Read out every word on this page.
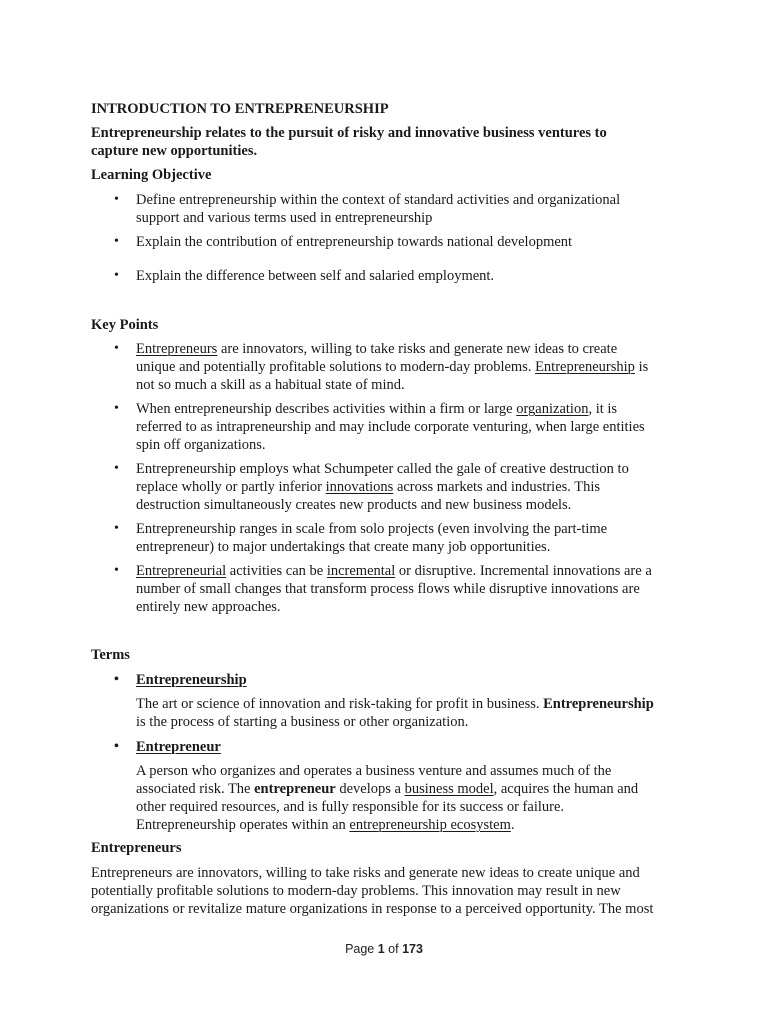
INTRODUCTION TO ENTREPRENEURSHIP
Entrepreneurship relates to the pursuit of risky and innovative business ventures to
capture new opportunities.
Learning Objective
• Define entrepreneurship within the context of standard activities and organizational
support and various terms used in entrepreneurship
• Explain the contribution of entrepreneurship towards national development
• Explain the difference between self and salaried employment.
Key Points
• Entrepreneurs are innovators, willing to take risks and generate new ideas to create
unique and potentially profitable solutions to modern-day problems. Entrepreneurship is
not so much a skill as a habitual state of mind.
• When entrepreneurship describes activities within a firm or large organization, it is
referred to as intrapreneurship and may include corporate venturing, when large entities
spin off organizations.
• Entrepreneurship employs what Schumpeter called the gale of creative destruction to
replace wholly or partly inferior innovations across markets and industries. This
destruction simultaneously creates new products and new business models.
• Entrepreneurship ranges in scale from solo projects (even involving the part-time
entrepreneur) to major undertakings that create many job opportunities.
• Entrepreneurial activities can be incremental or disruptive. Incremental innovations are a
number of small changes that transform process flows while disruptive innovations are
entirely new approaches.
Terms
• Entrepreneurship
The art or science of innovation and risk-taking for profit in business. Entrepreneurship
is the process of starting a business or other organization.
• Entrepreneur
A person who organizes and operates a business venture and assumes much of the
associated risk. The entrepreneur develops a business model, acquires the human and
other required resources, and is fully responsible for its success or failure.
Entrepreneurship operates within an entrepreneurship ecosystem.
Entrepreneurs
Entrepreneurs are innovators, willing to take risks and generate new ideas to create unique and
potentially profitable solutions to modern-day problems. This innovation may result in new
organizations or revitalize mature organizations in response to a perceived opportunity. The most
Page 1 of 173
